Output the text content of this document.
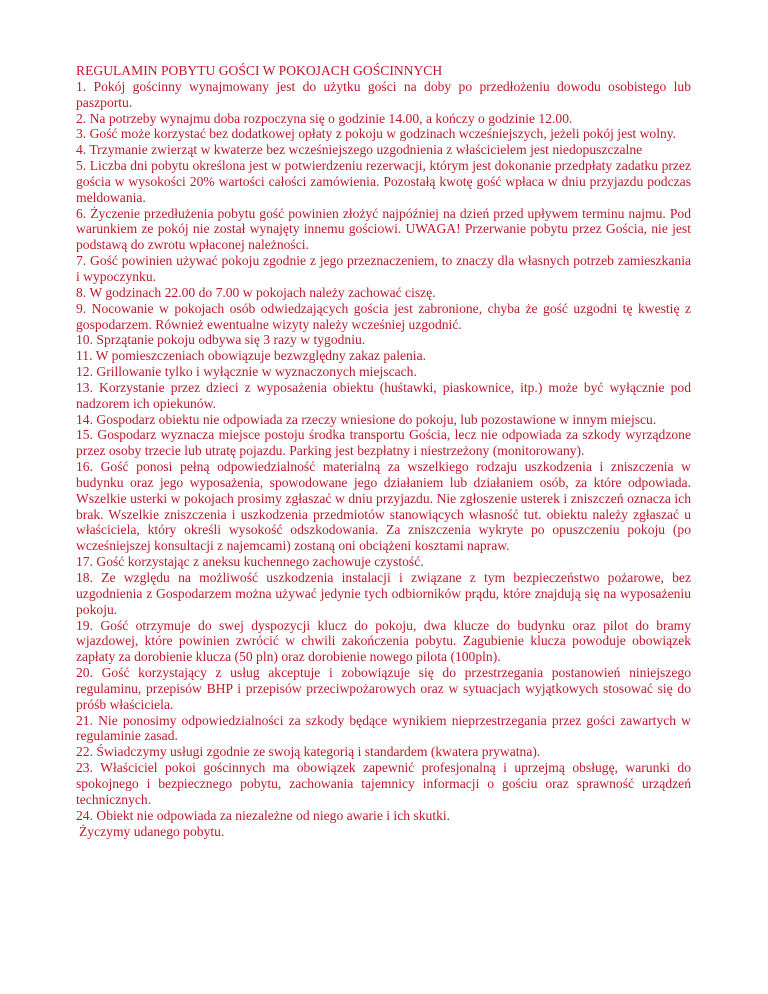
REGULAMIN POBYTU GOŚCI W POKOJACH GOŚCINNYCH

1. Pokój gościnny wynajmowany jest do użytku gości na doby po przedłożeniu dowodu osobistego lub paszportu.

2. Na potrzeby wynajmu doba rozpoczyna się o godzinie 14.00, a kończy o godzinie 12.00.

3. Gość może korzystać bez dodatkowej opłaty z pokoju w godzinach wcześniejszych, jeżeli pokój jest wolny.

4. Trzymanie zwierząt w kwaterze bez wcześniejszego uzgodnienia z właścicielem jest niedopuszczalne

5. Liczba dni pobytu określona jest w potwierdzeniu rezerwacji, którym jest dokonanie przedpłaty zadatku przez gościa w wysokości 20% wartości całości zamówienia. Pozostałą kwotę gość wpłaca w dniu przyjazdu podczas meldowania.

6. Życzenie przedłużenia pobytu gość powinien złożyć najpóźniej na dzień przed upływem terminu najmu. Pod warunkiem ze pokój nie został wynajęty innemu gościowi. UWAGA! Przerwanie pobytu przez Gościa, nie jest podstawą do zwrotu wpłaconej należności.

7. Gość powinien używać pokoju zgodnie z jego przeznaczeniem, to znaczy dla własnych potrzeb zamieszkania i wypoczynku.

8. W godzinach 22.00 do 7.00 w pokojach należy zachować ciszę.

9. Nocowanie w pokojach osób odwiedzających gościa jest zabronione, chyba że gość uzgodni tę kwestię z gospodarzem. Również ewentualne wizyty należy wcześniej uzgodnić.

10. Sprzątanie pokoju odbywa się 3 razy w tygodniu.

11. W pomieszczeniach obowiązuje bezwzględny zakaz palenia.

12. Grillowanie tylko i wyłącznie w wyznaczonych miejscach.

13. Korzystanie przez dzieci z wyposażenia obiektu (huśtawki, piaskownice, itp.) może być wyłącznie pod nadzorem ich opiekunów.

14. Gospodarz obiektu nie odpowiada za rzeczy wniesione do pokoju, lub pozostawione w innym miejscu.

15. Gospodarz wyznacza miejsce postoju środka transportu Gościa, lecz nie odpowiada za szkody wyrządzone przez osoby trzecie lub utratę pojazdu. Parking jest bezpłatny i niestrzeżony (monitorowany).

16. Gość ponosi pełną odpowiedzialność materialną za wszelkiego rodzaju uszkodzenia i zniszczenia w budynku oraz jego wyposażenia, spowodowane jego działaniem lub działaniem osób, za które odpowiada. Wszelkie usterki w pokojach prosimy zgłaszać w dniu przyjazdu. Nie zgłoszenie usterek i zniszczeń oznacza ich brak. Wszelkie zniszczenia i uszkodzenia przedmiotów stanowiących własność tut. obiektu należy zgłaszać u właściciela, który określi wysokość odszkodowania. Za zniszczenia wykryte po opuszczeniu pokoju (po wcześniejszej konsultacji z najemcami) zostaną oni obciążeni kosztami napraw.

17. Gość korzystając z aneksu kuchennego zachowuje czystość.

18. Ze względu na możliwość uszkodzenia instalacji i związane z tym bezpieczeństwo pożarowe, bez uzgodnienia z Gospodarzem można używać jedynie tych odbiorników prądu, które znajdują się na wyposażeniu pokoju.

19. Gość otrzymuje do swej dyspozycji klucz do pokoju, dwa klucze do budynku oraz pilot do bramy wjazdowej, które powinien zwrócić w chwili zakończenia pobytu. Zagubienie klucza powoduje obowiązek zapłaty za dorobienie klucza (50 pln) oraz dorobienie nowego pilota (100pln).

20. Gość korzystający z usług akceptuje i zobowiązuje się do przestrzegania postanowień niniejszego regulaminu, przepisów BHP i przepisów przeciwpożarowych oraz w sytuacjach wyjątkowych stosować się do próśb właściciela.

21. Nie ponosimy odpowiedzialności za szkody będące wynikiem nieprzestrzegania przez gości zawartych w regulaminie zasad.

22. Świadczymy usługi zgodnie ze swoją kategorią i standardem (kwatera prywatna).

23. Właściciel pokoi gościnnych ma obowiązek zapewnić profesjonalną i uprzejmą obsługę, warunki do spokojnego i bezpiecznego pobytu, zachowania tajemnicy informacji o gościu oraz sprawność urządzeń technicznych.

24. Obiekt nie odpowiada za niezależne od niego awarie i ich skutki.

Życzymy udanego pobytu.
